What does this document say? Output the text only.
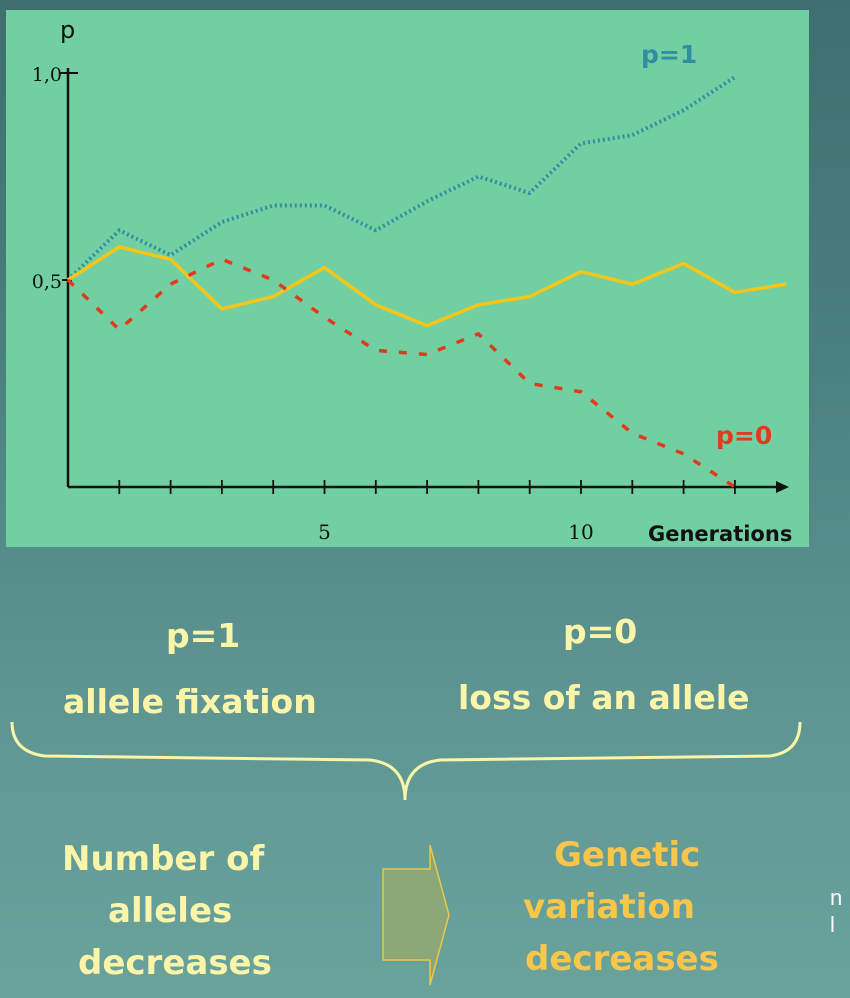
1,0
0,5
5	10
p
Generations
p=1
p=0
p=1
allele fixation
p=0
loss of an allele
Number of
alleles
decreases
Genetic
variation
decreases
n
l
